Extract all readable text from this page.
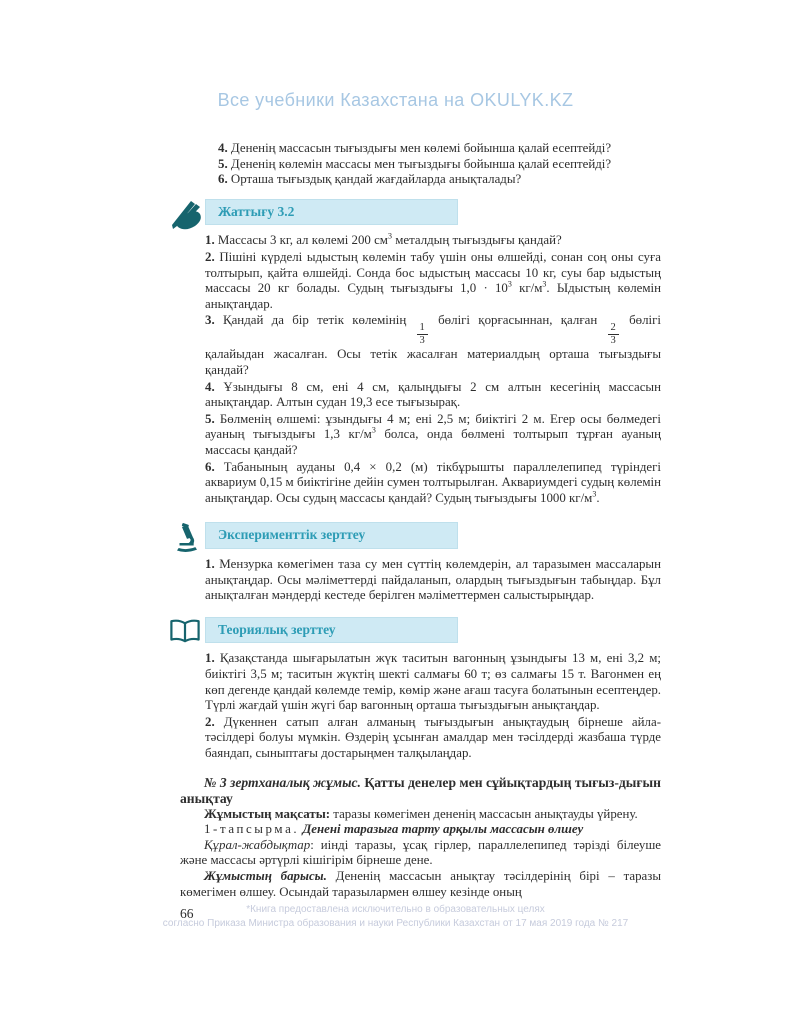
Все учебники Казахстана на OKULYK.KZ

4. Дененің массасын тығыздығы мен көлемі бойынша қалай есептейді?

5. Дененің көлемін массасы мен тығыздығы бойынша қалай есептейді?

6. Орташа тығыздық қандай жағдайларда анықталады?

Жаттығу 3.2

1. Массасы 3 кг, ал көлемі 200 $см^3$ металдың тығыздығы қандай?

2. Пішіні күрделі ыдыстың көлемін табу үшін оны өлшейді, сонан соң оны суға толтырып, қайта өлшейді. Сонда бос ыдыстың массасы 10 кг, суы бар ыдыстың массасы 20 кг болады. Судың тығыздығы $1,0 \cdot 10^3$ $кг/м^3$. Ыдыстың көлемін анықтаңдар.

3. Қандай да бір тетік көлемінің
$\frac{1}{3}$
бөлігі қорғасыннан, қалған
$\frac{2}{3}$
бөлігі қалайыдан жасалған. Осы тетік жасалған материалдың орташа тығыздығы қандай?

4. Ұзындығы 8 см, ені 4 см, қалыңдығы 2 см алтын кесегінің массасын анықтаңдар. Алтын судан 19,3 есе тығызырақ.

5. Бөлменің өлшемі: ұзындығы 4 м; ені 2,5 м; биіктігі 2 м. Егер осы бөлмедегі ауаның тығыздығы 1,3 $кг/м^3$ болса, онда бөлмені толтырып тұрған ауаның массасы қандай?

6. Табанының ауданы 0,4 × 0,2 (м) тікбұрышты параллелепипед түріндегі аквариум 0,15 м биіктігіне дейін сумен толтырылған. Аквариумдегі судың көлемін анықтаңдар. Осы судың массасы қандай? Судың тығыздығы 1000 $кг/м^3$.

Эксперименттік зерттеу

1. Мензурка көмегімен таза су мен сүттің көлемдерін, ал таразымен массаларын анықтаңдар. Осы мәліметтерді пайдаланып, олардың тығыздығын табыңдар. Бұл анықталған мәндерді кестеде берілген мәліметтермен салыстырыңдар.

Теориялық зерттеу

1. Қазақстанда шығарылатын жүк таситын вагонның ұзындығы 13 м, ені 3,2 м; биіктігі 3,5 м; таситын жүктің шекті салмағы 60 т; өз салмағы 15 т. Вагонмен ең көп дегенде қандай көлемде темір, көмір және ағаш тасуға болатынын есептеңдер. Түрлі жағдай үшін жүгі бар вагонның орташа тығыздығын анықтаңдар.

2. Дүкеннен сатып алған алманың тығыздығын анықтаудың бірнеше айла-тәсілдері болуы мүмкін. Өздерің ұсынған амалдар мен тәсілдерді жазбаша түрде баяндап, сыныптағы достарыңмен талқылаңдар.

№ 3 зертханалық жұмыс. Қатты денелер мен сұйықтардың тығыз-дығын анықтау

Жұмыстың мақсаты: таразы көмегімен дененің массасын анықтауды үйрену.

1-тапсырма. Денені таразыға тарту арқылы массасын өлшеу

Құрал-жабдықтар: иінді таразы, ұсақ гірлер, параллелепипед тәрізді білеуше және массасы әртүрлі кішігірім бірнеше дене.

Жұмыстың барысы. Дененің массасын анықтау тәсілдерінің бірі – таразы көмегімен өлшеу. Осындай таразылармен өлшеу кезінде оның

66	*Книга предоставлена исключительно в образовательных целях
согласно Приказа Министра образования и науки Республики Казахстан от 17 мая 2019 года № 217
